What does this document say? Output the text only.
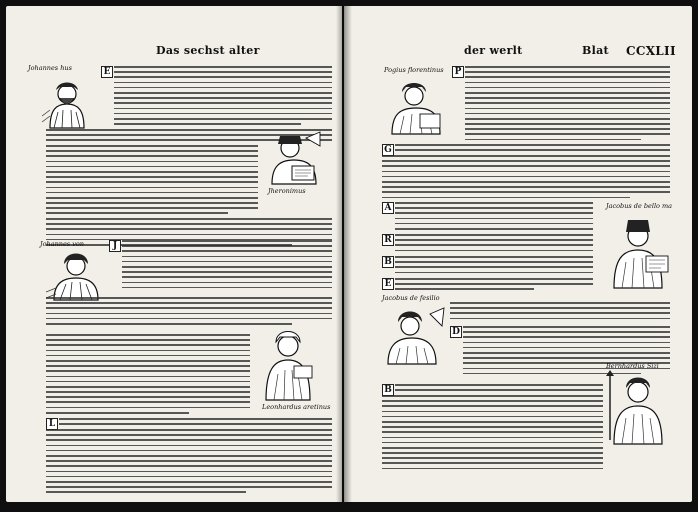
Das sechst alter
Johannes hus	E
Jheronimus
Johannes von	J
Leonhardus aretinus
L
der werlt	Blat CCXLII
Pogius florentinus P
G
A
R
B
E
Jacobus de bello ma
Jacobus de fesilio
D
B
Bernhardus Sizi
